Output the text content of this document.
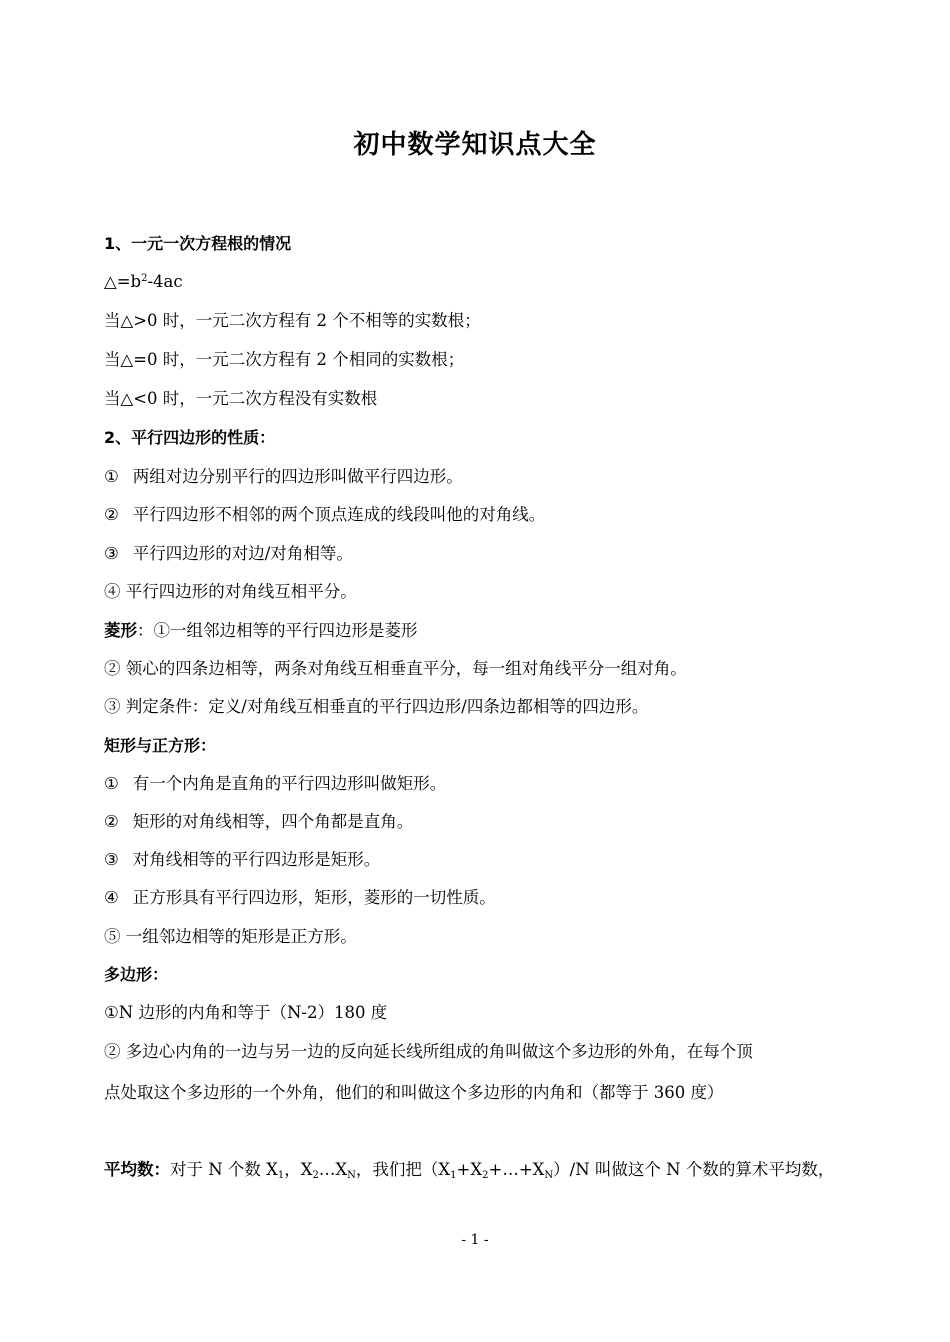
初中数学知识点大全
1、一元一次方程根的情况
$\triangle=b^2-4ac$
当△>0 时，一元二次方程有 2 个不相等的实数根；
当△=0 时，一元二次方程有 2 个相同的实数根；
当△<0 时，一元二次方程没有实数根
2、平行四边形的性质：
① 两组对边分别平行的四边形叫做平行四边形。
② 平行四边形不相邻的两个顶点连成的线段叫他的对角线。
③ 平行四边形的对边/对角相等。
④ 平行四边形的对角线互相平分。
菱形：①一组邻边相等的平行四边形是菱形
② 领心的四条边相等，两条对角线互相垂直平分，每一组对角线平分一组对角。
③ 判定条件：定义/对角线互相垂直的平行四边形/四条边都相等的四边形。
矩形与正方形：
① 有一个内角是直角的平行四边形叫做矩形。
② 矩形的对角线相等，四个角都是直角。
③ 对角线相等的平行四边形是矩形。
④ 正方形具有平行四边形，矩形，菱形的一切性质。
⑤ 一组邻边相等的矩形是正方形。
多边形：
①N 边形的内角和等于（N-2）180 度
② 多边心内角的一边与另一边的反向延长线所组成的角叫做这个多边形的外角，在每个顶
点处取这个多边形的一个外角，他们的和叫做这个多边形的内角和（都等于 360 度）
平均数：对于 N 个数 $X_1$，$X_2\dots X_N$，我们把$(X_1+X_2+\dots+X_N)/N$ 叫做这个 N 个数的算术平均数，
- 1 -
